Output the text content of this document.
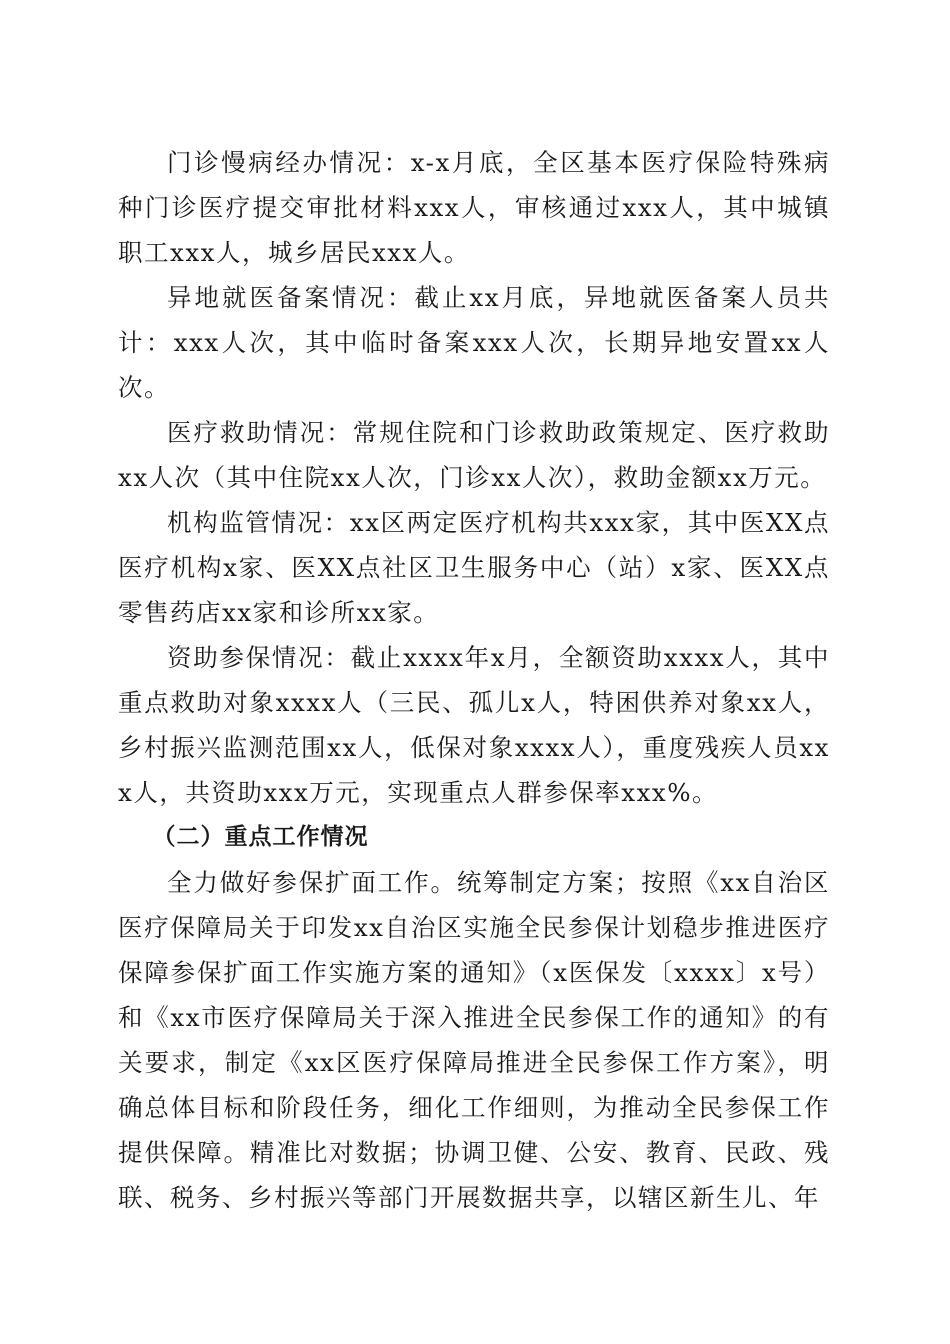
门诊慢病经办情况：x-x月底，全区基本医疗保险特殊病种门诊医疗提交审批材料xxx人，审核通过xxx人，其中城镇职工xxx人，城乡居民xxx人。

异地就医备案情况：截止xx月底，异地就医备案人员共计：xxx人次，其中临时备案xxx人次，长期异地安置xx人次。

医疗救助情况：常规住院和门诊救助政策规定、医疗救助xx人次（其中住院xx人次，门诊xx人次），救助金额xx万元。

机构监管情况：xx区两定医疗机构共xxx家，其中医XX点医疗机构x家、医XX点社区卫生服务中心（站）x家、医XX点零售药店xx家和诊所xx家。

资助参保情况：截止xxxx年x月，全额资助xxxx人，其中重点救助对象xxxx人（三民、孤儿x人，特困供养对象xx人，乡村振兴监测范围xx人，低保对象xxxx人），重度残疾人员xxx人，共资助xxx万元，实现重点人群参保率xxx%。

（二）重点工作情况

全力做好参保扩面工作。统筹制定方案；按照《xx自治区医疗保障局关于印发xx自治区实施全民参保计划稳步推进医疗保障参保扩面工作实施方案的通知》（x医保发〔xxxx〕x号）和《xx市医疗保障局关于深入推进全民参保工作的通知》的有关要求，制定《xx区医疗保障局推进全民参保工作方案》，明确总体目标和阶段任务，细化工作细则，为推动全民参保工作提供保障。精准比对数据；协调卫健、公安、教育、民政、残联、税务、乡村振兴等部门开展数据共享，以辖区新生儿、年
